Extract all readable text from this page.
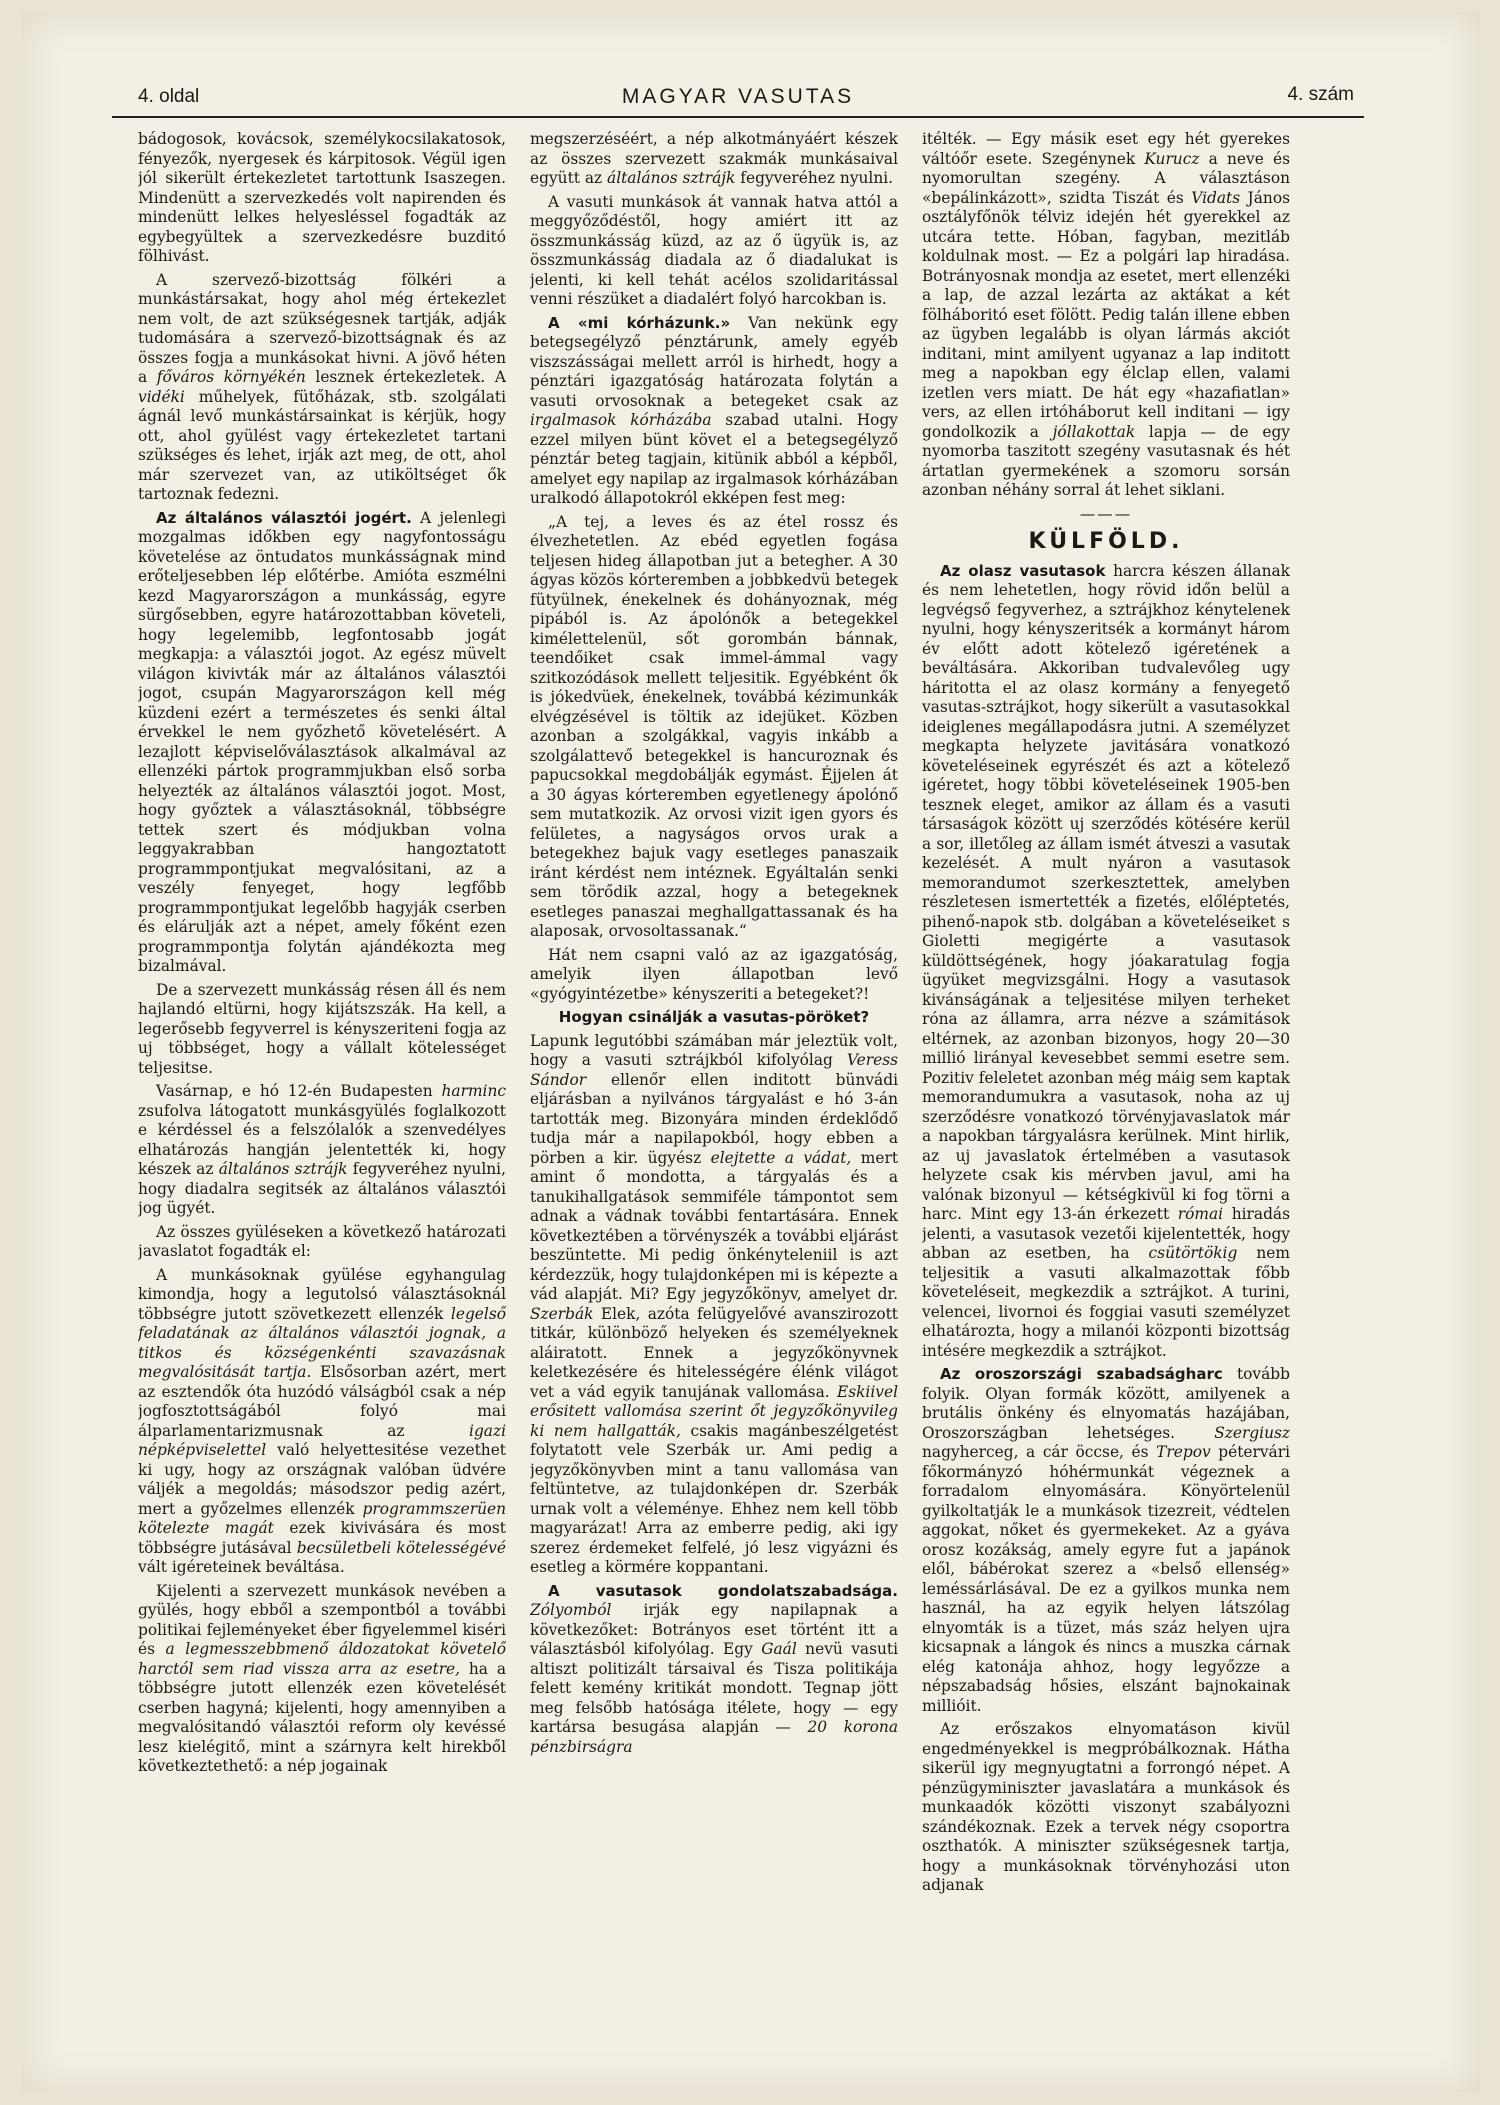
4. oldal	MAGYAR VASUTAS	4. szám

bádogosok, kovácsok, személykocsilakatosok, fényezők, nyergesek és kárpitosok. Végül igen jól sikerült értekezletet tartottunk Isaszegen. Mindenütt a szervezkedés volt napirenden és mindenütt lelkes helyesléssel fogadták az egybegyültek a szervezkedésre buzditó fölhivást.

A szervező-bizottság fölkéri a munkástársakat, hogy ahol még értekezlet nem volt, de azt szükségesnek tartják, adják tudomására a szervező-bizottságnak és az összes fogja a munkásokat hivni. A jövő héten a főváros környékén lesznek értekezletek. A vidéki műhelyek, fütőházak, stb. szolgálati ágnál levő munkástársainkat is kérjük, hogy ott, ahol gyülést vagy értekezletet tartani szükséges és lehet, irják azt meg, de ott, ahol már szervezet van, az utiköltséget ők tartoznak fedezni.

Az általános választói jogért. A jelenlegi mozgalmas időkben egy nagyfontosságu követelése az öntudatos munkásságnak mind erőteljesebben lép előtérbe. Amióta eszmélni kezd Magyarországon a munkásság, egyre sürgősebben, egyre határozottabban követeli, hogy legelemibb, legfontosabb jogát megkapja: a választói jogot. Az egész müvelt világon kivivták már az általános választói jogot, csupán Magyarországon kell még küzdeni ezért a természetes és senki által érvekkel le nem győzhető követelésért. A lezajlott képviselőválasztások alkalmával az ellenzéki pártok programmjukban első sorba helyezték az általános választói jogot. Most, hogy győztek a választásoknál, többségre tettek szert és módjukban volna leggyakrabban hangoztatott programmpontjukat megvalósitani, az a veszély fenyeget, hogy legfőbb programmpontjukat legelőbb hagyják cserben és elárulják azt a népet, amely főként ezen programmpontja folytán ajándékozta meg bizalmával.

De a szervezett munkásság résen áll és nem hajlandó eltürni, hogy kijátszszák. Ha kell, a legerősebb fegyverrel is kényszeriteni fogja az uj többséget, hogy a vállalt kötelességet teljesitse.

Vasárnap, e hó 12-én Budapesten harminc zsufolva látogatott munkásgyülés foglalkozott e kérdéssel és a felszólalók a szenvedélyes elhatározás hangján jelentették ki, hogy készek az általános sztrájk fegyveréhez nyulni, hogy diadalra segitsék az általános választói jog ügyét.

Az összes gyüléseken a következő határozati javaslatot fogadták el:

A munkásoknak gyülése egyhangulag kimondja, hogy a legutolsó választásoknál többségre jutott szövetkezett ellenzék legelső feladatának az általános választói jognak, a titkos és községenkénti szavazásnak megvalósitását tartja. Elsősorban azért, mert az esztendők óta huzódó válságból csak a nép jogfosztottságából folyó mai álparlamentarizmusnak az igazi népképviselettel való helyettesitése vezethet ki ugy, hogy az országnak valóban üdvére váljék a megoldás; másodszor pedig azért, mert a győzelmes ellenzék programmszerüen kötelezte magát ezek kivivására és most többségre jutásával becsületbeli kötelességévé vált igéreteinek beváltása.

Kijelenti a szervezett munkások nevében a gyülés, hogy ebből a szempontból a további politikai fejleményeket éber figyelemmel kiséri és a legmesszebbmenő áldozatokat követelő harctól sem riad vissza arra az esetre, ha a többségre jutott ellenzék ezen követelését cserben hagyná; kijelenti, hogy amennyiben a megvalósitandó választói reform oly kevéssé lesz kielégitő, mint a szárnyra kelt hirekből következtethető: a nép jogainak

megszerzéséért, a nép alkotmányáért készek az összes szervezett szakmák munkásaival együtt az általános sztrájk fegyveréhez nyulni.

A vasuti munkások át vannak hatva attól a meggyőződéstől, hogy amiért itt az összmunkásság küzd, az az ő ügyük is, az összmunkásság diadala az ő diadalukat is jelenti, ki kell tehát acélos szolidaritással venni részüket a diadalért folyó harcokban is.

A «mi kórházunk.» Van nekünk egy betegsegélyző pénztárunk, amely egyéb viszszásságai mellett arról is hirhedt, hogy a pénztári igazgatóság határozata folytán a vasuti orvosoknak a betegeket csak az irgalmasok kórházába szabad utalni. Hogy ezzel milyen bünt követ el a betegsegélyző pénztár beteg tagjain, kitünik abból a képből, amelyet egy napilap az irgalmasok kórházában uralkodó állapotokról ekképen fest meg:

„A tej, a leves és az étel rossz és élvezhetetlen. Az ebéd egyetlen fogása teljesen hideg állapotban jut a betegher. A 30 ágyas közös kórteremben a jobbkedvü betegek fütyülnek, énekelnek és dohányoznak, még pipából is. Az ápolónők a betegekkel kimélettelenül, sőt gorombán bánnak, teendőiket csak immel-ámmal vagy szitkozódások mellett teljesitik. Egyébként ők is jókedvüek, énekelnek, továbbá kézimunkák elvégzésével is töltik az idejüket. Közben azonban a szolgákkal, vagyis inkább a szolgálattevő betegekkel is hancuroznak és papucsokkal megdobálják egymást. Éjjelen át a 30 ágyas kórteremben egyetlenegy ápolónő sem mutatkozik. Az orvosi vizit igen gyors és felületes, a nagyságos orvos urak a betegekhez bajuk vagy esetleges panaszaik iránt kérdést nem intéznek. Egyáltalán senki sem törődik azzal, hogy a betegeknek esetleges panaszai meghallgattassanak és ha alaposak, orvosoltassanak.“

Hát nem csapni való az az igazgatóság, amelyik ilyen állapotban levő «gyógyintézetbe» kényszeriti a betegeket?!

Hogyan csinálják a vasutas-pöröket?

Lapunk legutóbbi számában már jeleztük volt, hogy a vasuti sztrájkból kifolyólag Veress Sándor ellenőr ellen inditott bünvádi eljárásban a nyilvános tárgyalást e hó 3-án tartották meg. Bizonyára minden érdeklődő tudja már a napilapokból, hogy ebben a pörben a kir. ügyész elejtette a vádat, mert amint ő mondotta, a tárgyalás és a tanukihallgatások semmiféle támpontot sem adnak a vádnak további fentartására. Ennek következtében a törvényszék a további eljárást beszüntette. Mi pedig önkényteleniil is azt kérdezzük, hogy tulajdonképen mi is képezte a vád alapját. Mi? Egy jegyzőkönyv, amelyet dr. Szerbák Elek, azóta felügyelővé avanszirozott titkár, különböző helyeken és személyeknek aláiratott. Ennek a jegyzőkönyvnek keletkezésére és hitelességére élénk világot vet a vád egyik tanujának vallomása. Eskiivel erősitett vallomása szerint őt jegyzőkönyvileg ki nem hallgatták, csakis magánbeszélgetést folytatott vele Szerbák ur. Ami pedig a jegyzőkönyvben mint a tanu vallomása van feltüntetve, az tulajdonképen dr. Szerbák urnak volt a véleménye. Ehhez nem kell több magyarázat! Arra az emberre pedig, aki igy szerez érdemeket felfelé, jó lesz vigyázni és esetleg a körmére koppantani.

A vasutasok gondolatszabadsága. Zólyomból irják egy napilapnak a következőket: Botrányos eset történt itt a választásból kifolyólag. Egy Gaál nevü vasuti altiszt politizált társaival és Tisza politikája felett kemény kritikát mondott. Tegnap jött meg felsőbb hatósága itélete, hogy — egy kartársa besugása alapján — 20 korona pénzbirságra

itélték. — Egy másik eset egy hét gyerekes váltóőr esete. Szegénynek Kurucz a neve és nyomorultan szegény. A választáson «bepálinkázott», szidta Tiszát és Vidats János osztályfőnök télviz idején hét gyerekkel az utcára tette. Hóban, fagyban, mezitláb koldulnak most. — Ez a polgári lap hiradása. Botrányosnak mondja az esetet, mert ellenzéki a lap, de azzal lezárta az aktákat a két fölháboritó eset fölött. Pedig talán illene ebben az ügyben legalább is olyan lármás akciót inditani, mint amilyent ugyanaz a lap inditott meg a napokban egy élclap ellen, valami izetlen vers miatt. De hát egy «hazafiatlan» vers, az ellen irtóháborut kell inditani — igy gondolkozik a jóllakottak lapja — de egy nyomorba taszitott szegény vasutasnak és hét ártatlan gyermekének a szomoru sorsán azonban néhány sorral át lehet siklani.

———
KÜLFÖLD.

Az olasz vasutasok harcra készen állanak és nem lehetetlen, hogy rövid időn belül a legvégső fegyverhez, a sztrájkhoz kénytelenek nyulni, hogy kényszeritsék a kormányt három év előtt adott kötelező igéretének a beváltására. Akkoriban tudvalevőleg ugy háritotta el az olasz kormány a fenyegető vasutas-sztrájkot, hogy sikerült a vasutasokkal ideiglenes megállapodásra jutni. A személyzet megkapta helyzete javitására vonatkozó követeléseinek egyrészét és azt a kötelező igéretet, hogy többi követeléseinek 1905-ben tesznek eleget, amikor az állam és a vasuti társaságok között uj szerződés kötésére kerül a sor, illetőleg az állam ismét átveszi a vasutak kezelését. A mult nyáron a vasutasok memorandumot szerkesztettek, amelyben részletesen ismertették a fizetés, előléptetés, pihenő-napok stb. dolgában a követeléseiket s Gioletti megigérte a vasutasok küldöttségének, hogy jóakaratulag fogja ügyüket megvizsgálni. Hogy a vasutasok kivánságának a teljesitése milyen terheket róna az államra, arra nézve a számitások eltérnek, az azonban bizonyos, hogy 20—30 millió lirányal kevesebbet semmi esetre sem. Pozitiv feleletet azonban még máig sem kaptak memorandumukra a vasutasok, noha az uj szerződésre vonatkozó törvényjavaslatok már a napokban tárgyalásra kerülnek. Mint hirlik, az uj javaslatok értelmében a vasutasok helyzete csak kis mérvben javul, ami ha valónak bizonyul — kétségkivül ki fog törni a harc. Mint egy 13-án érkezett római hiradás jelenti, a vasutasok vezetői kijelentették, hogy abban az esetben, ha csütörtökig nem teljesitik a vasuti alkalmazottak főbb követeléseit, megkezdik a sztrájkot. A turini, velencei, livornoi és foggiai vasuti személyzet elhatározta, hogy a milanói központi bizottság intésére megkezdik a sztrájkot.

Az oroszországi szabadságharc tovább folyik. Olyan formák között, amilyenek a brutális önkény és elnyomatás hazájában, Oroszországban lehetséges. Szergiusz nagyherceg, a cár öccse, és Trepov pétervári főkormányzó hóhérmunkát végeznek a forradalom elnyomására. Könyörtelenül gyilkoltatják le a munkások tizezreit, védtelen aggokat, nőket és gyermekeket. Az a gyáva orosz kozákság, amely egyre fut a japánok elől, bábérokat szerez a «belső ellenség» leméssárlásával. De ez a gyilkos munka nem használ, ha az egyik helyen látszólag elnyomták is a tüzet, más száz helyen ujra kicsapnak a lángok és nincs a muszka cárnak elég katonája ahhoz, hogy legyőzze a népszabadság hősies, elszánt bajnokainak millióit.

Az erőszakos elnyomatáson kivül engedményekkel is megpróbálkoznak. Hátha sikerül igy megnyugtatni a forrongó népet. A pénzügyminiszter javaslatára a munkások és munkaadók közötti viszonyt szabályozni szándékoznak. Ezek a tervek négy csoportra oszthatók. A miniszter szükségesnek tartja, hogy a munkásoknak törvényhozási uton adjanak
